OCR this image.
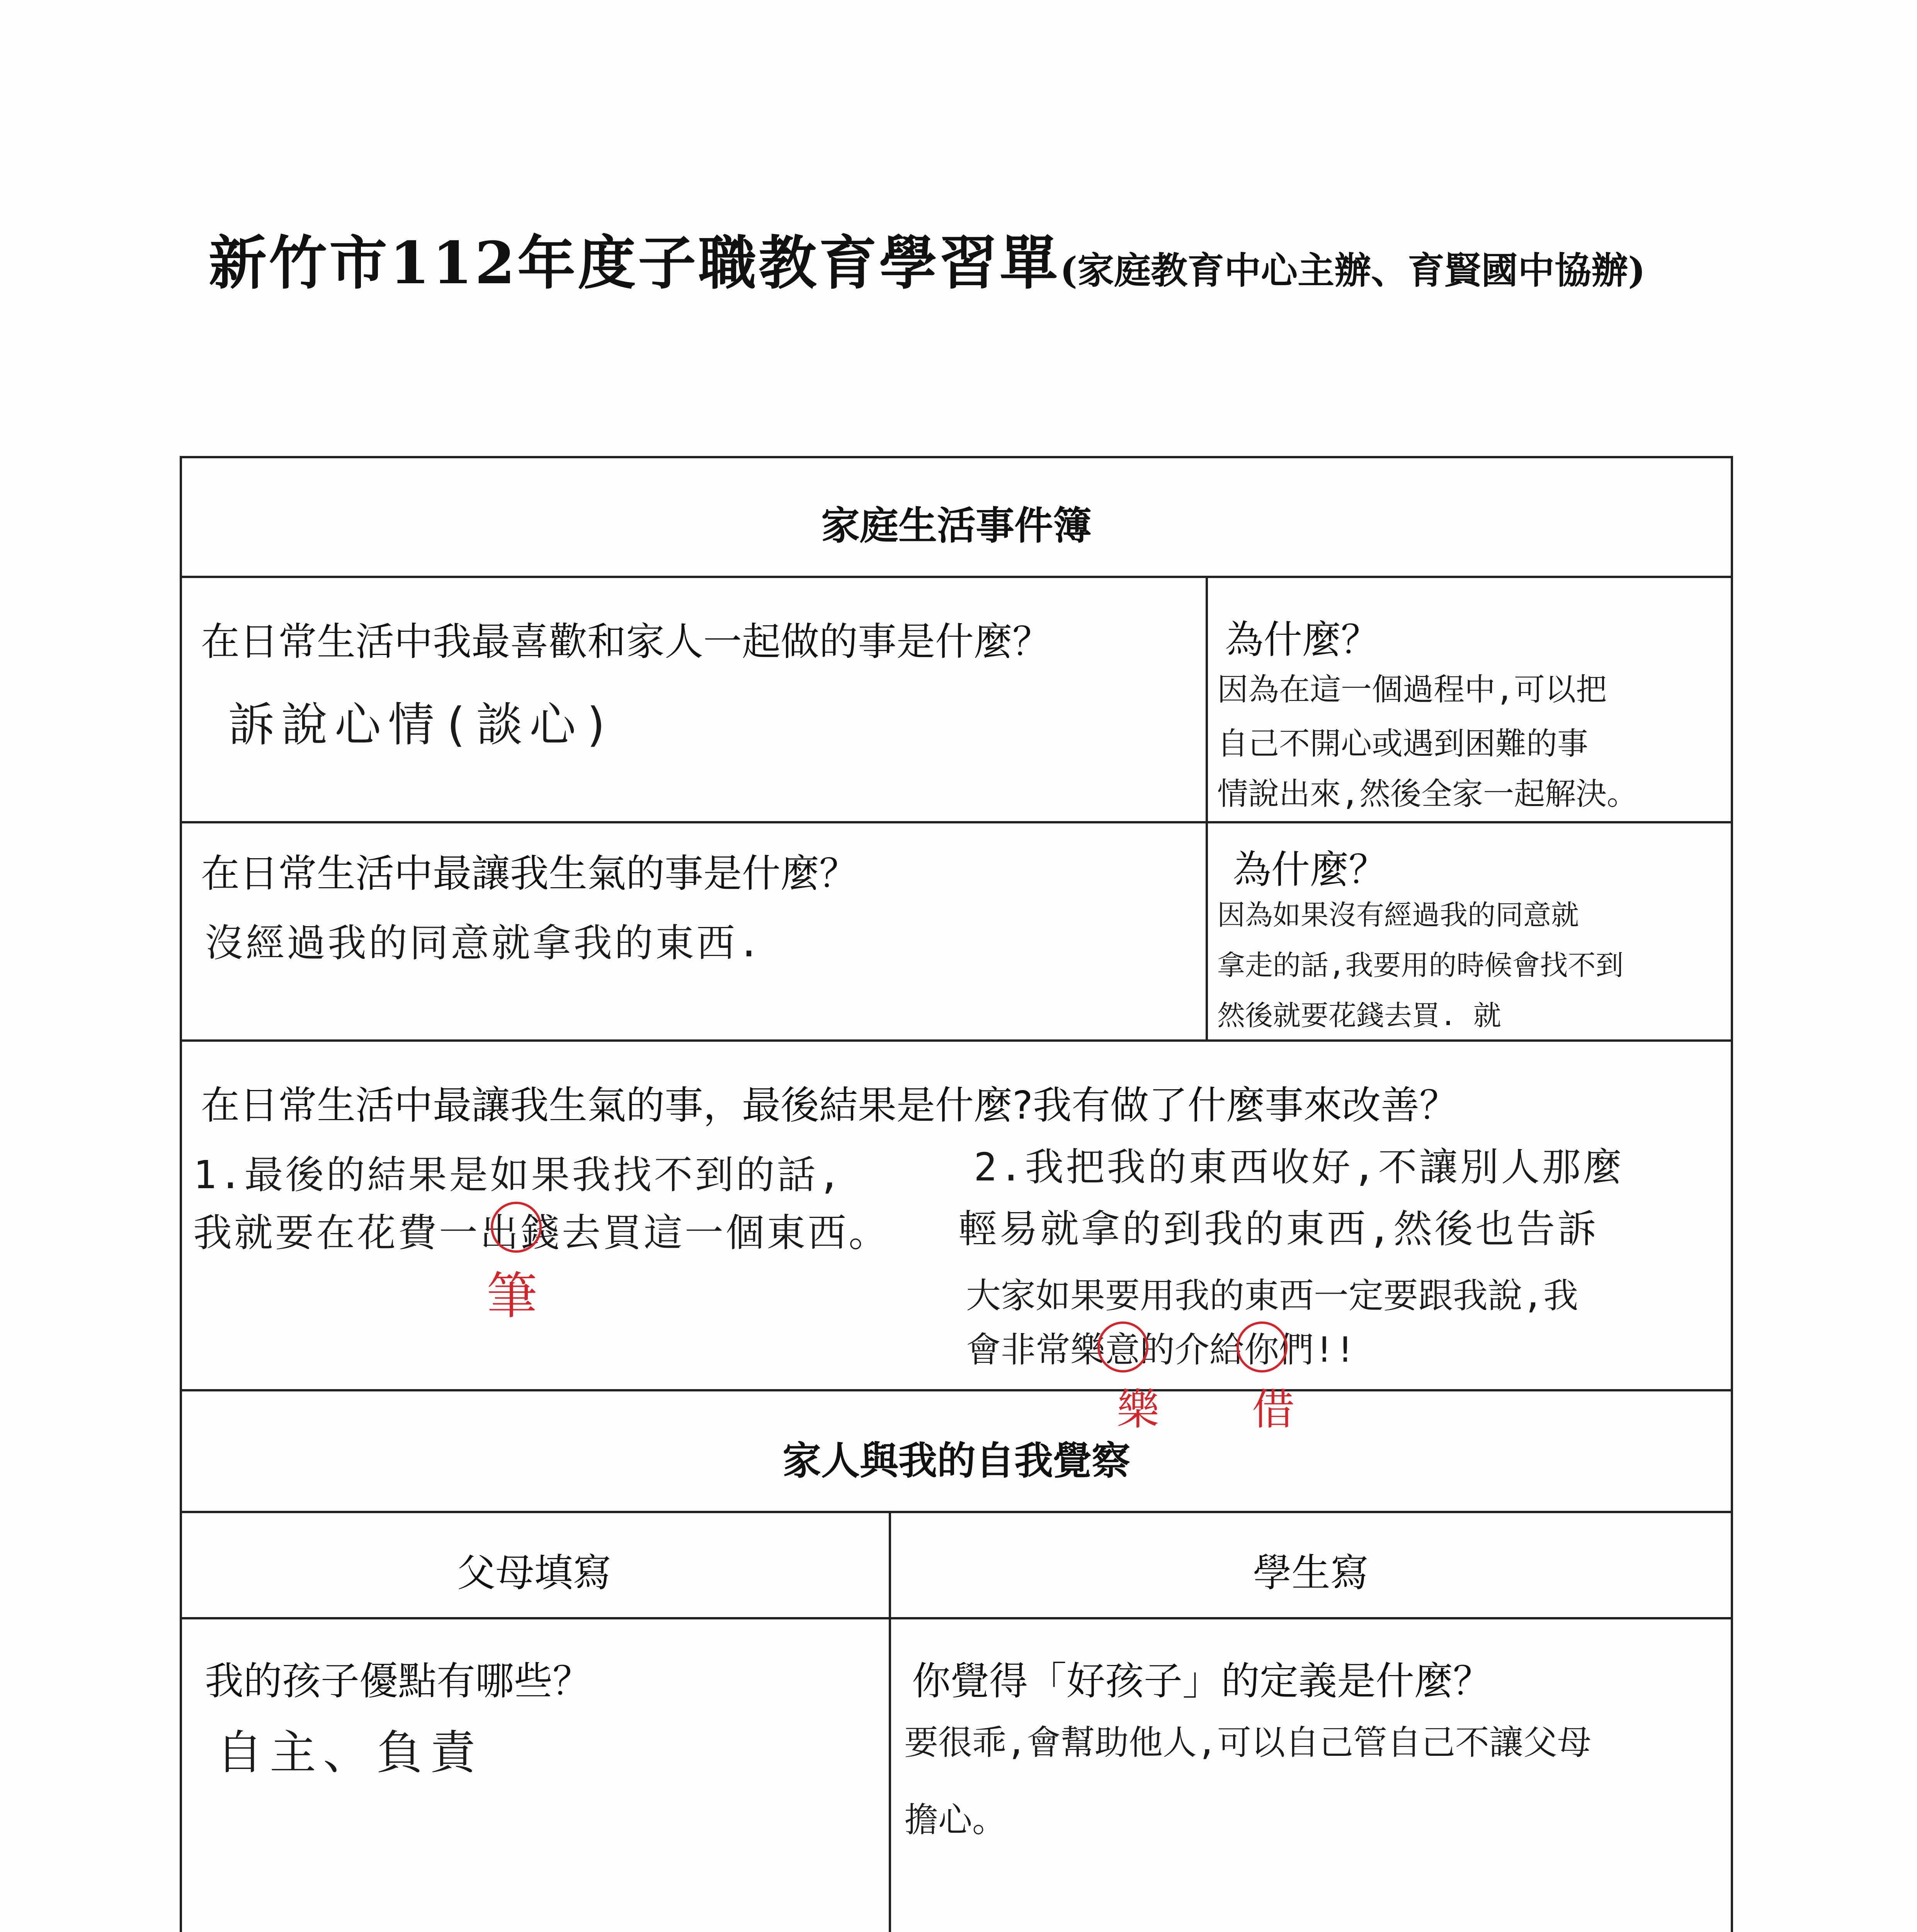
新竹市112年度子職教育學習單(家庭教育中心主辦、育賢國中協辦)
家庭生活事件簿
在日常生活中我最喜歡和家人一起做的事是什麼？
訴說心情(談心)
為什麼？
因為在這一個過程中,可以把
自己不開心或遇到困難的事
情說出來,然後全家一起解決。
在日常生活中最讓我生氣的事是什麼？
沒經過我的同意就拿我的東西.
為什麼？
因為如果沒有經過我的同意就
拿走的話,我要用的時候會找不到
然後就要花錢去買. 就
在日常生活中最讓我生氣的事，最後結果是什麼?我有做了什麼事來改善？
1.最後的結果是如果我找不到的話,
我就要在花費一出錢去買這一個東西。
2.我把我的東西收好,不讓別人那麼
輕易就拿的到我的東西,然後也告訴
大家如果要用我的東西一定要跟我說,我
會非常樂意的介給你們!!
筆
樂 借
家人與我的自我覺察
父母填寫	學生寫
我的孩子優點有哪些？
自主、負責
你覺得「好孩子」的定義是什麼？
要很乖,會幫助他人,可以自己管自己不讓父母
擔心。
